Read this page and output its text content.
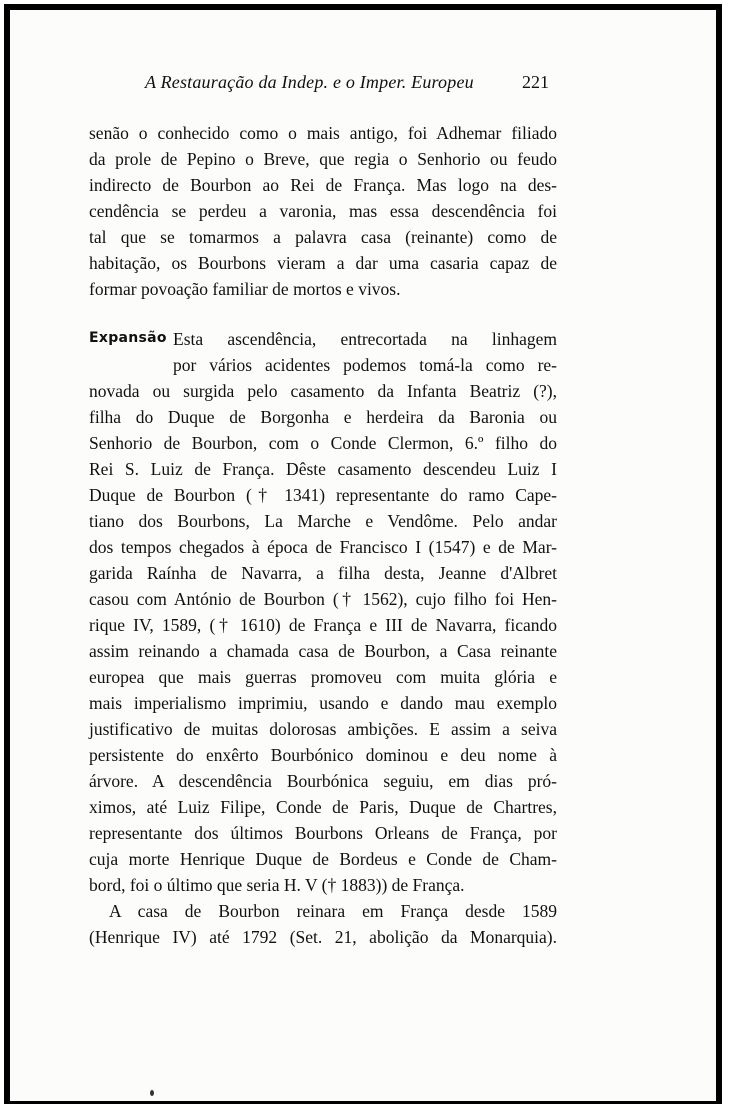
A Restauração da Indep. e o Imper. Europeu	221
senão o conhecido como o mais antigo, foi Adhemar filiado
da prole de Pepino o Breve, que regia o Senhorio ou feudo
indirecto de Bourbon ao Rei de França. Mas logo na des-
cendência se perdeu a varonia, mas essa descendência foi
tal que se tomarmos a palavra casa (reinante) como de
habitação, os Bourbons vieram a dar uma casaria capaz de
formar povoação familiar de mortos e vivos.
Expansão Esta ascendência, entrecortada na linhagem
por vários acidentes podemos tomá-la como re-
novada ou surgida pelo casamento da Infanta Beatriz (?),
filha do Duque de Borgonha e herdeira da Baronia ou
Senhorio de Bourbon, com o Conde Clermon, 6.º filho do
Rei S. Luiz de França. Dêste casamento descendeu Luiz I
Duque de Bourbon († 1341) representante do ramo Cape-
tiano dos Bourbons, La Marche e Vendôme. Pelo andar
dos tempos chegados à época de Francisco I (1547) e de Mar-
garida Raínha de Navarra, a filha desta, Jeanne d'Albret
casou com António de Bourbon († 1562), cujo filho foi Hen-
rique IV, 1589, († 1610) de França e III de Navarra, ficando
assim reinando a chamada casa de Bourbon, a Casa reinante
europea que mais guerras promoveu com muita glória e
mais imperialismo imprimiu, usando e dando mau exemplo
justificativo de muitas dolorosas ambições. E assim a seiva
persistente do enxêrto Bourbónico dominou e deu nome à
árvore. A descendência Bourbónica seguiu, em dias pró-
ximos, até Luiz Filipe, Conde de Paris, Duque de Chartres,
representante dos últimos Bourbons Orleans de França, por
cuja morte Henrique Duque de Bordeus e Conde de Cham-
bord, foi o último que seria H. V († 1883)) de França.
A casa de Bourbon reinara em França desde 1589
(Henrique IV) até 1792 (Set. 21, abolição da Monarquia).
